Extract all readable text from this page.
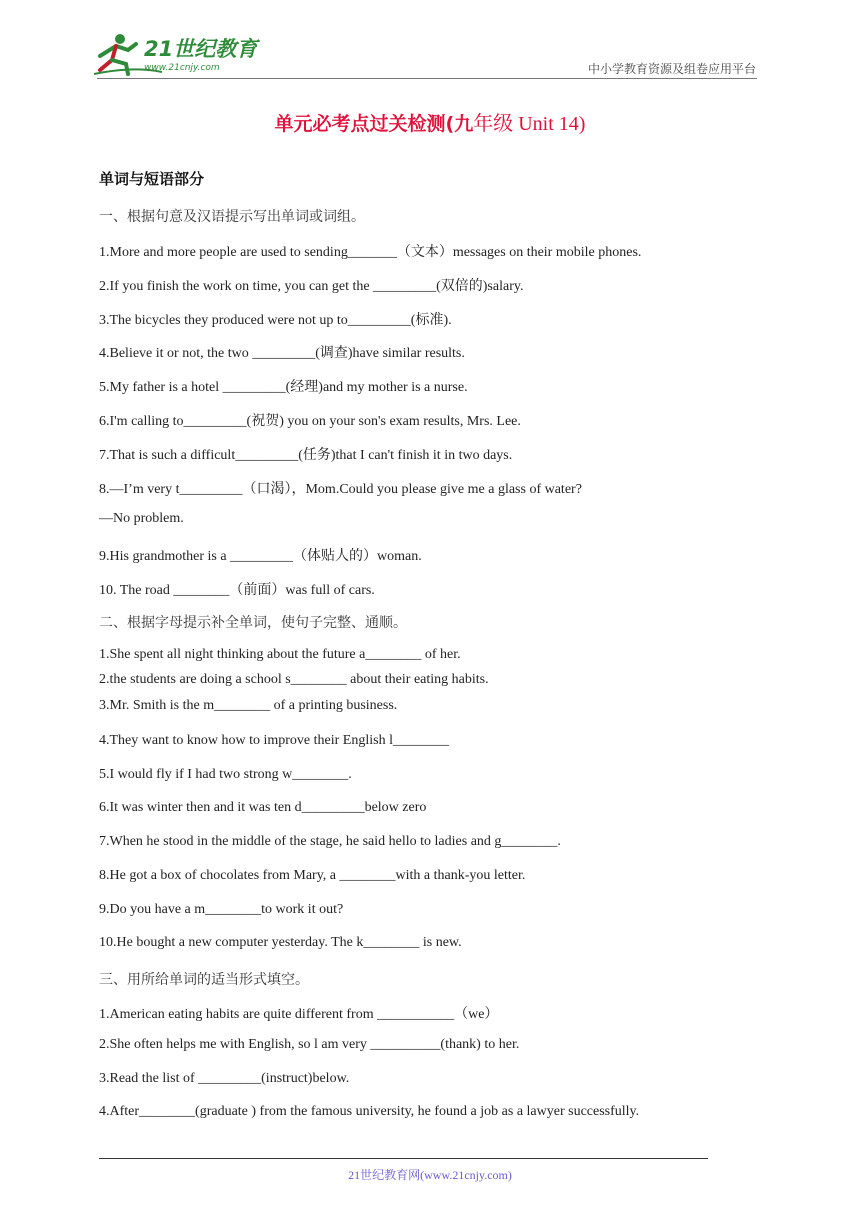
21世纪教育
www.21cnjy.com	中小学教育资源及组卷应用平台
单元必考点过关检测(九年级 Unit 14)
单词与短语部分
一、根据句意及汉语提示写出单词或词组。
1.More and more people are used to sending_______（文本）messages on their mobile phones.
2.If you finish the work on time, you can get the _________(双倍的)salary.
3.The bicycles they produced were not up to_________(标准).
4.Believe it or not, the two _________(调查)have similar results.
5.My father is a hotel _________(经理)and my mother is a nurse.
6.I'm calling to_________(祝贺) you on your son's exam results, Mrs. Lee.
7.That is such a difficult_________(任务)that I can't finish it in two days.
8.—I’m very t_________（口渴），Mom.Could you please give me a glass of water?
—No problem.
9.His grandmother is a _________（体贴人的）woman.
10. The road ________（前面）was full of cars.
二、根据字母提示补全单词，使句子完整、通顺。
1.She spent all night thinking about the future a________ of her.
2.the students are doing a school s________ about their eating habits.
3.Mr. Smith is the m________ of a printing business.
4.They want to know how to improve their English l________
5.I would fly if I had two strong w________.
6.It was winter then and it was ten d_________below zero
7.When he stood in the middle of the stage, he said hello to ladies and g________.
8.He got a box of chocolates from Mary, a ________with a thank-you letter.
9.Do you have a m________to work it out?
10.He bought a new computer yesterday. The k________ is new.
三、用所给单词的适当形式填空。
1.American eating habits are quite different from ___________（we）
2.She often helps me with English, so l am very __________(thank) to her.
3.Read the list of _________(instruct)below.
4.After________(graduate ) from the famous university, he found a job as a lawyer successfully.
21世纪教育网(www.21cnjy.com)
